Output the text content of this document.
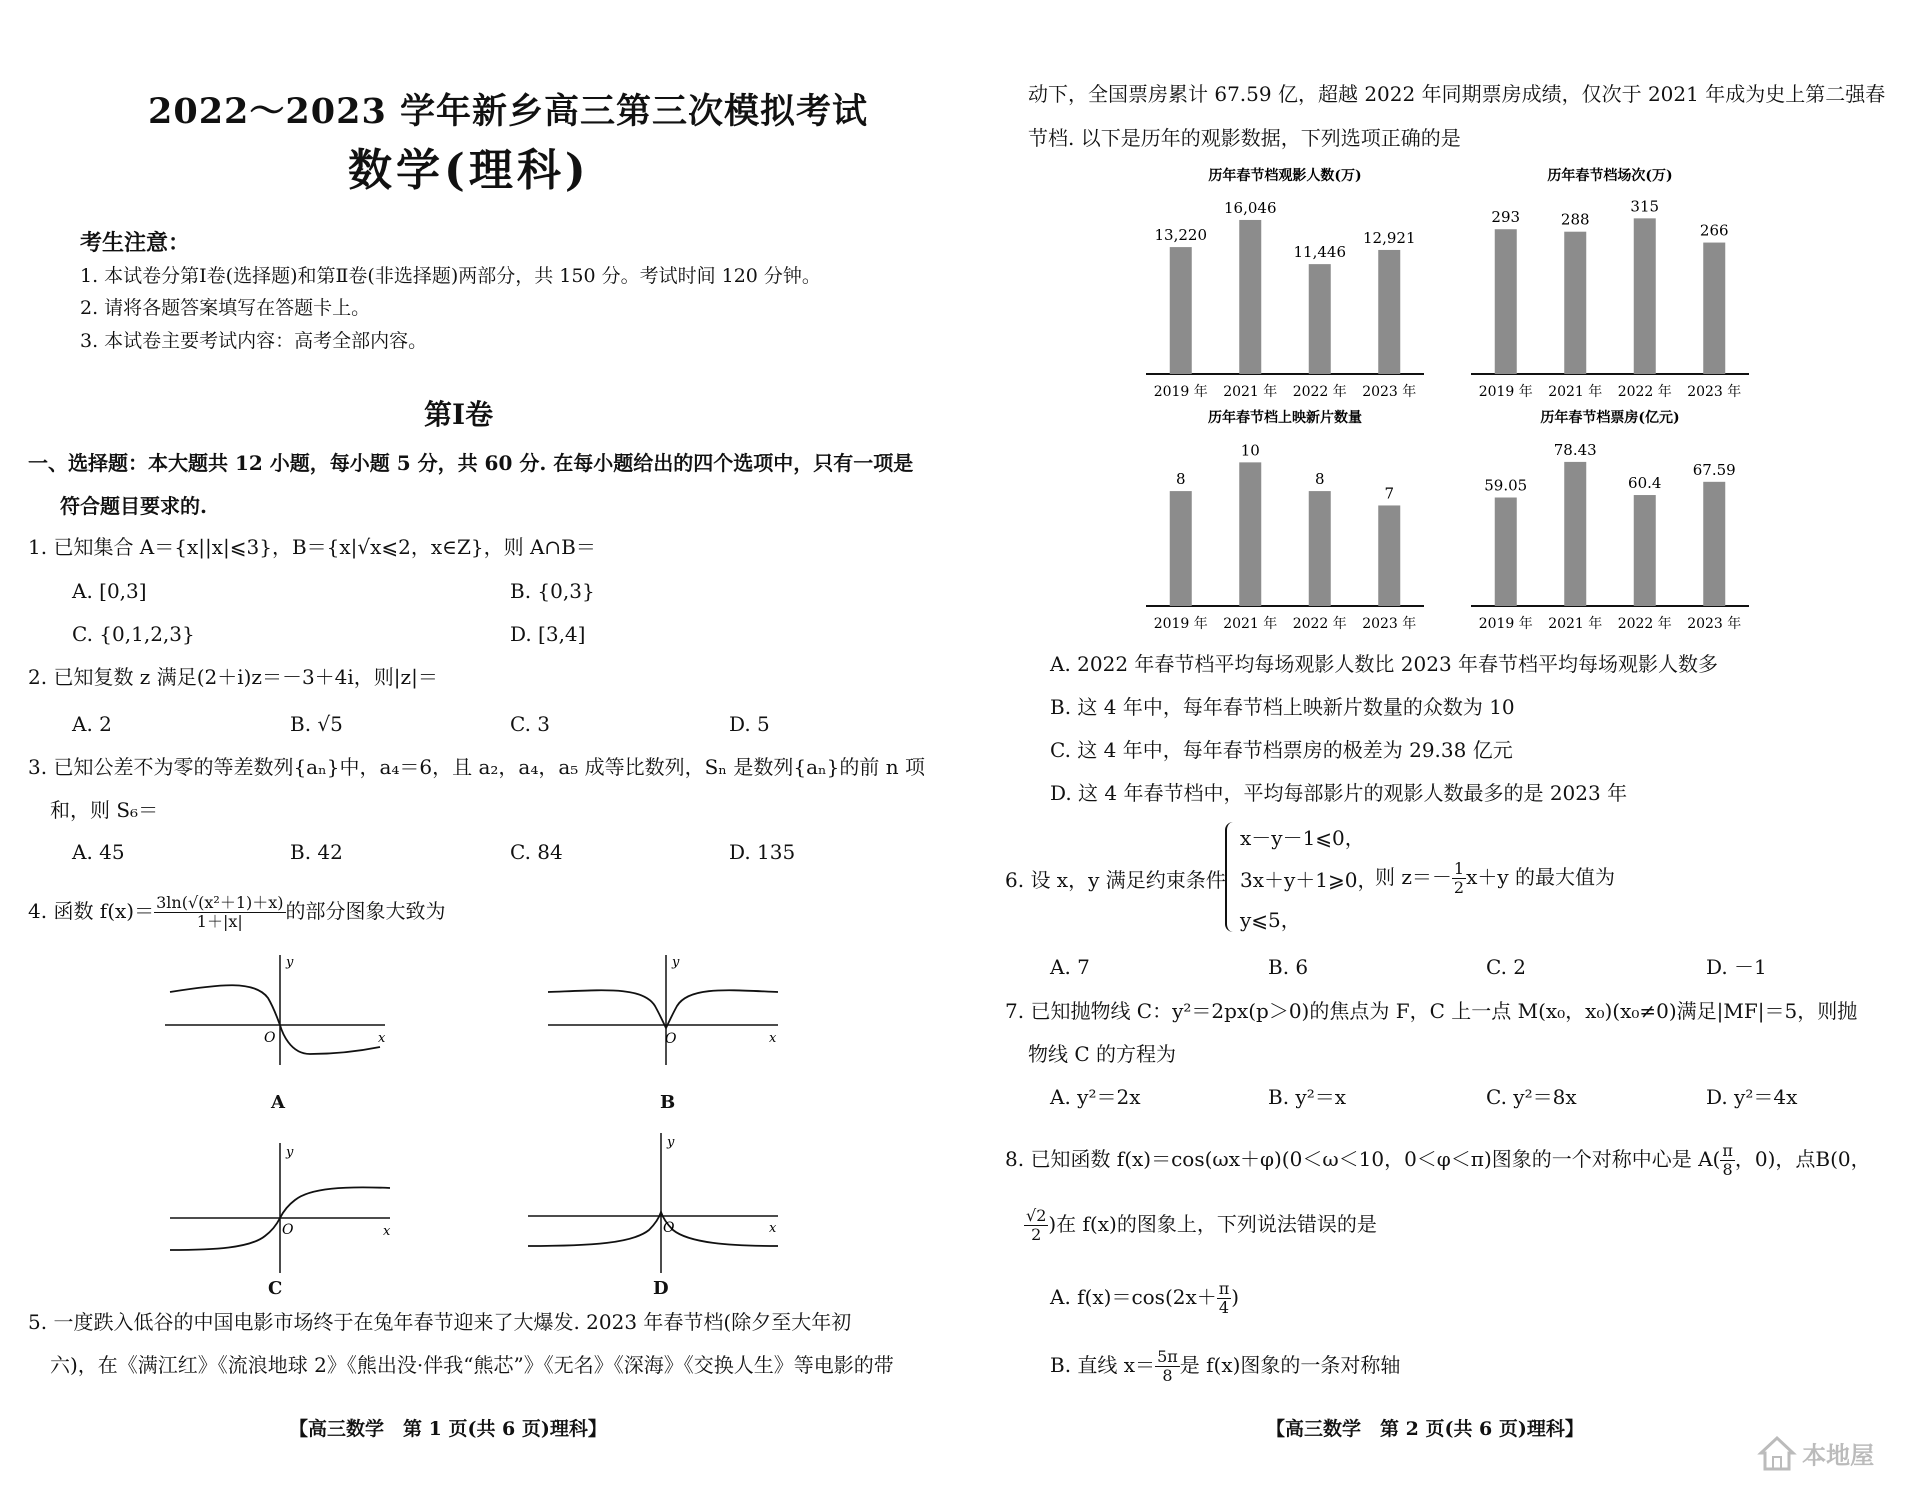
2022～2023 学年新乡高三第三次模拟考试
数学(理科)
考生注意：
1. 本试卷分第Ⅰ卷(选择题)和第Ⅱ卷(非选择题)两部分，共 150 分。考试时间 120 分钟。
2. 请将各题答案填写在答题卡上。
3. 本试卷主要考试内容：高考全部内容。
第Ⅰ卷
一、选择题：本大题共 12 小题，每小题 5 分，共 60 分. 在每小题给出的四个选项中，只有一项是
符合题目要求的.
1. 已知集合 A＝{x||x|⩽3}，B＝{x|√x⩽2，x∈Z}，则 A∩B＝
A. [0,3]	B. {0,3}
C. {0,1,2,3}	D. [3,4]
2. 已知复数 z 满足(2＋i)z＝－3＋4i，则|z|＝
A. 2	B. √5	C. 3	D. 5
3. 已知公差不为零的等差数列{aₙ}中，a₄＝6，且 a₂，a₄，a₅ 成等比数列，Sₙ 是数列{aₙ}的前 n 项
和，则 S₆＝
A. 45	B. 42	C. 84	D. 135
4. 函数 $f(x)= \frac{\text{3ln(√(x²＋1)＋x)}}{1+|x|}$ 的部分图象大致为
y
O	x
A
y
O	x
B
y
O	x
C
y
O	x
D
5. 一度跌入低谷的中国电影市场终于在兔年春节迎来了大爆发. 2023 年春节档(除夕至大年初
六)，在《满江红》《流浪地球 2》《熊出没·伴我“熊芯”》《无名》《深海》《交换人生》等电影的带
【高三数学　第 1 页(共 6 页)理科】
动下，全国票房累计 67.59 亿，超越 2022 年同期票房成绩，仅次于 2021 年成为史上第二强春
节档. 以下是历年的观影数据，下列选项正确的是
历年春节档观影人数(万)
13,220
2019 年
16,046
2021 年
11,446
2022 年
12,921
2023 年
历年春节档场次(万)
293
2019 年
288
2021 年
315
2022 年
266
2023 年
历年春节档上映新片数量
8
2019 年
10
2021 年
8
2022 年
7
2023 年
历年春节档票房(亿元)
59.05
2019 年
78.43
2021 年
60.4
2022 年
67.59
2023 年
A. 2022 年春节档平均每场观影人数比 2023 年春节档平均每场观影人数多
B. 这 4 年中，每年春节档上映新片数量的众数为 10
C. 这 4 年中，每年春节档票房的极差为 29.38 亿元
D. 这 4 年春节档中，平均每部影片的观影人数最多的是 2023 年
6. 设 x，y 满足约束条件
x－y－1⩽0，
3x＋y＋1⩾0，
y⩽5，
则 $z=- \frac{1}{2} x+y$ 的最大值为
A. 7	B. 6	C. 2	D. －1
7. 已知抛物线 C：y²＝2px(p＞0)的焦点为 F，C 上一点 M(x₀，x₀)(x₀≠0)满足|MF|＝5，则抛
物线 C 的方程为
A. y²＝2x	B. y²＝x	C. y²＝8x	D. y²＝4x
8. 已知函数 f(x)＝cos(ωx＋φ)(0＜ω＜10，0＜φ＜π)图象的一个对称中心是 $A( \frac{\pi}{8}$ ，0)，点B(0，
$\frac{√2}{2}$ )在 f(x)的图象上，下列说法错误的是
A. $f(x)=\cos(2x+ \frac{\pi}{4}$ )
B. 直线 $x= \frac{5\pi}{8}$ 是 f(x)图象的一条对称轴
【高三数学　第 2 页(共 6 页)理科】
本地屋
